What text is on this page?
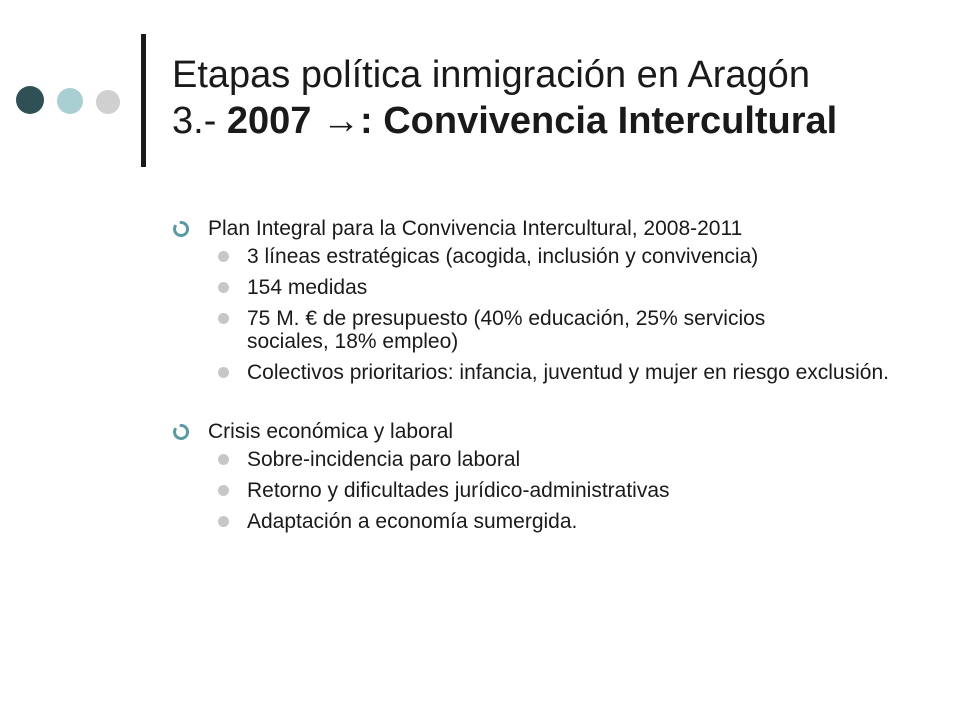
Etapas política inmigración en Aragón
3.- 2007 →: Convivencia Intercultural
Plan Integral para la Convivencia Intercultural, 2008-2011
3 líneas estratégicas (acogida, inclusión y convivencia)
154 medidas
75 M. € de presupuesto (40% educación, 25% servicios sociales, 18% empleo)
Colectivos prioritarios: infancia, juventud y mujer en riesgo exclusión.
Crisis económica y laboral
Sobre-incidencia paro laboral
Retorno y dificultades jurídico-administrativas
Adaptación a economía sumergida.
